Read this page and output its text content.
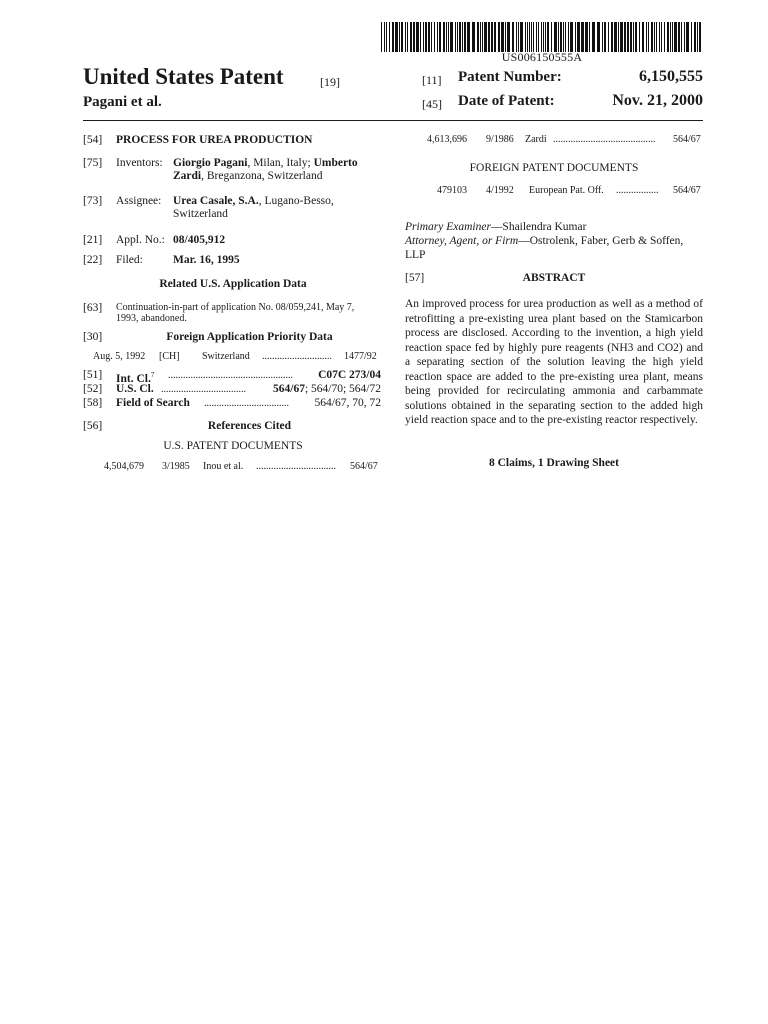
US006150555A
United States Patent	[19]
Pagani et al.
[11] Patent Number:	6,150,555
[45] Date of Patent:	Nov. 21, 2000
[54] PROCESS FOR UREA PRODUCTION
[75] Inventors: Giorgio Pagani, Milan, Italy; Umberto
Zardi, Breganzona, Switzerland
[73] Assignee: Urea Casale, S.A., Lugano-Besso,
Switzerland
[21] Appl. No.: 08/405,912
[22] Filed:	Mar. 16, 1995
Related U.S. Application Data
[63] Continuation-in-part of application No. 08/059,241, May 7,
1993, abandoned.
[30]	Foreign Application Priority Data
Aug. 5, 1992 [CH] Switzerland ............................	1477/92
[51] Int. Cl.$^7$ ..................................................	C07C 273/04
[52] U.S. Cl. ..................................	564/67; 564/70; 564/72
[58] Field of Search ..................................	564/67, 70, 72
[56]	References Cited
U.S. PATENT DOCUMENTS
4,504,679 3/1985 Inou et al. ................................	564/67
4,613,696 9/1986 Zardi .........................................	564/67
FOREIGN PATENT DOCUMENTS
479103 4/1992 European Pat. Off. .................	564/67
Primary Examiner—Shailendra Kumar
Attorney, Agent, or Firm—Ostrolenk, Faber, Gerb & Soffen,
LLP
[57]	ABSTRACT
An improved process for urea production as well as a method of retrofitting a pre-existing urea plant based on the Stamicarbon process are disclosed. According to the invention, a high yield reaction space fed by highly pure reagents (NH3 and CO2) and a separating section of the solution leaving the high yield reaction space are added to the pre-existing urea plant, means being provided for recirculating ammonia and carbammate solutions obtained in the separating section to the added high yield reaction space and to the pre-existing reactor respectively.
8 Claims, 1 Drawing Sheet
